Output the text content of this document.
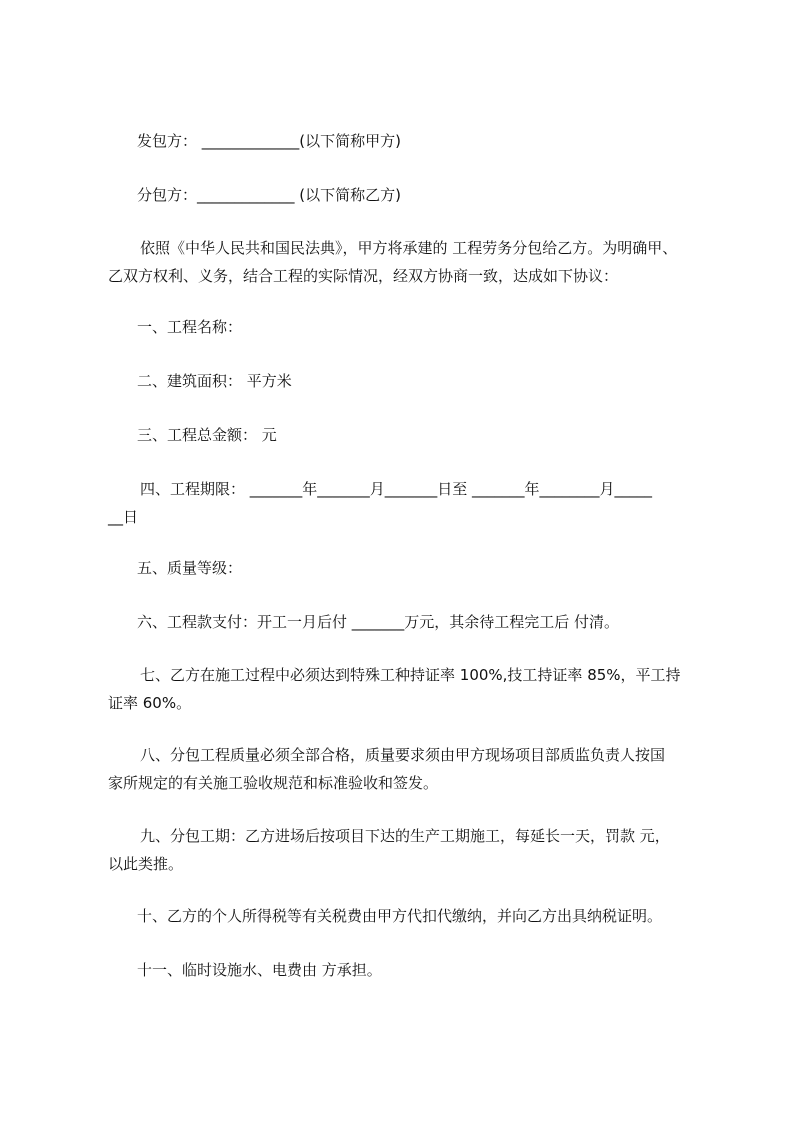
发包方： _____________(以下简称甲方)
分包方：_____________ (以下简称乙方)
依照《中华人民共和国民法典》，甲方将承建的 工程劳务分包给乙方。为明确甲、
乙双方权利、义务，结合工程的实际情况，经双方协商一致，达成如下协议：
一、工程名称：
二、建筑面积： 平方米
三、工程总金额： 元
四、工程期限： _______年_______月_______日至 _______年________月_____
__日
五、质量等级：
六、工程款支付：开工一月后付 _______万元，其余待工程完工后 付清。
七、乙方在施工过程中必须达到特殊工种持证率 100%,技工持证率 85%，平工持
证率 60%。
八、分包工程质量必须全部合格，质量要求须由甲方现场项目部质监负责人按国
家所规定的有关施工验收规范和标准验收和签发。
九、分包工期：乙方进场后按项目下达的生产工期施工，每延长一天，罚款 元，
以此类推。
十、乙方的个人所得税等有关税费由甲方代扣代缴纳，并向乙方出具纳税证明。
十一、临时设施水、电费由 方承担。
